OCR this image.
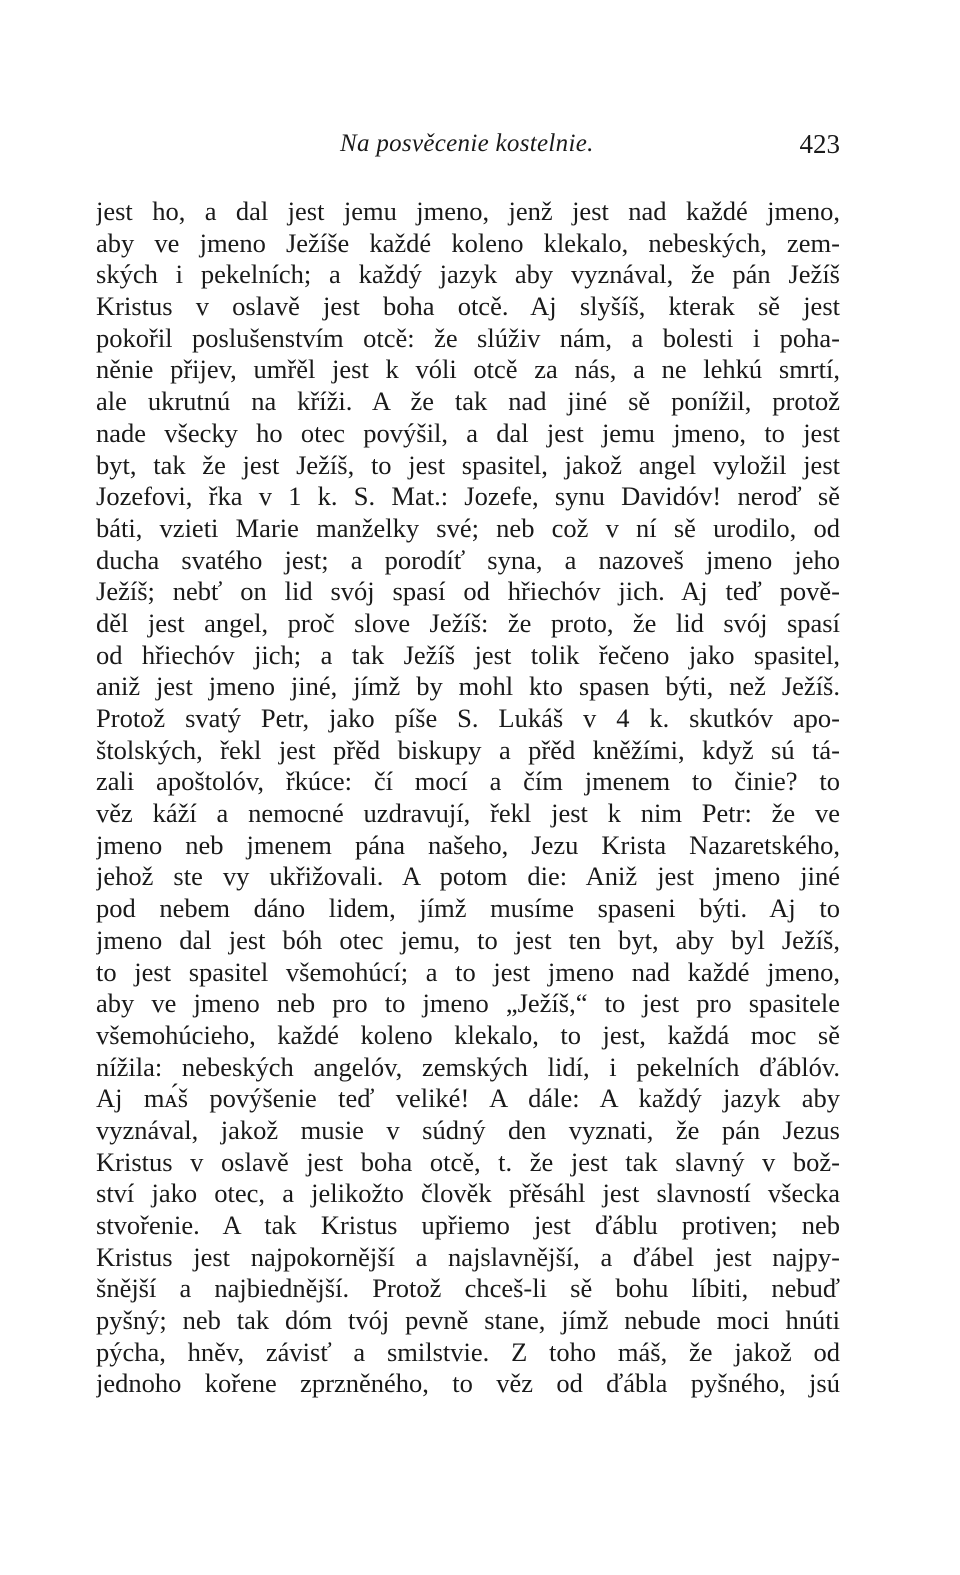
Na posvěcenie kostelnie.	423
jest ho, a dal jest jemu jmeno, jenž jest nad každé jmeno,
aby ve jmeno Ježíše každé koleno klekalo, nebeských, zem-
ských i pekelních; a každý jazyk aby vyznával, že pán Ježíš
Kristus v oslavě jest boha otcě. Aj slyšíš, kterak sě jest
pokořil poslušenstvím otcě: že slúživ nám, a bolesti i poha-
něnie přijev, umřěl jest k vóli otcě za nás, a ne lehkú smrtí,
ale ukrutnú na kříži. A že tak nad jiné sě ponížil, protož
nade všecky ho otec povýšil, a dal jest jemu jmeno, to jest
byt, tak že jest Ježíš, to jest spasitel, jakož angel vyložil jest
Jozefovi, řka v 1 k. S. Mat.: Jozefe, synu Davidóv! neroď sě
báti, vzieti Marie manželky své; neb což v ní sě urodilo, od
ducha svatého jest; a porodíť syna, a nazoveš jmeno jeho
Ježíš; nebť on lid svój spasí od hřiechóv jich. Aj teď pově-
děl jest angel, proč slove Ježíš: že proto, že lid svój spasí
od hřiechóv jich; a tak Ježíš jest tolik řečeno jako spasitel,
aniž jest jmeno jiné, jímž by mohl kto spasen býti, než Ježíš.
Protož svatý Petr, jako píše S. Lukáš v 4 k. skutkóv apo-
štolských, řekl jest přěd biskupy a přěd kněžími, když sú tá-
zali apoštolóv, řkúce: čí mocí a čím jmenem to činie? to
věz káží a nemocné uzdravují, řekl jest k nim Petr: že ve
jmeno neb jmenem pána našeho, Jezu Krista Nazaretského,
jehož ste vy ukřižovali. A potom die: Aniž jest jmeno jiné
pod nebem dáno lidem, jímž musíme spaseni býti. Aj to
jmeno dal jest bóh otec jemu, to jest ten byt, aby byl Ježíš,
to jest spasitel všemohúcí; a to jest jmeno nad každé jmeno,
aby ve jmeno neb pro to jmeno „Ježíš,“ to jest pro spasitele
všemohúcieho, každé koleno klekalo, to jest, každá moc sě
nížila: nebeských angelóv, zemských lidí, i pekelních ďáblóv.
Aj mᴀ́š povýšenie teď veliké! A dále: A každý jazyk aby
vyznával, jakož musie v súdný den vyznati, že pán Jezus
Kristus v oslavě jest boha otcě, t. že jest tak slavný v bož-
ství jako otec, a jelikožto člověk přěsáhl jest slavností všecka
stvořenie. A tak Kristus upřiemo jest ďáblu protiven; neb
Kristus jest najpokornější a najslavnější, a ďábel jest najpy-
šnější a najbiednější. Protož chceš-li sě bohu líbiti, nebuď
pyšný; neb tak dóm tvój pevně stane, jímž nebude moci hnúti
pýcha, hněv, závisť a smilstvie. Z toho máš, že jakož od
jednoho kořene zprzněného, to věz od ďábla pyšného, jsú
